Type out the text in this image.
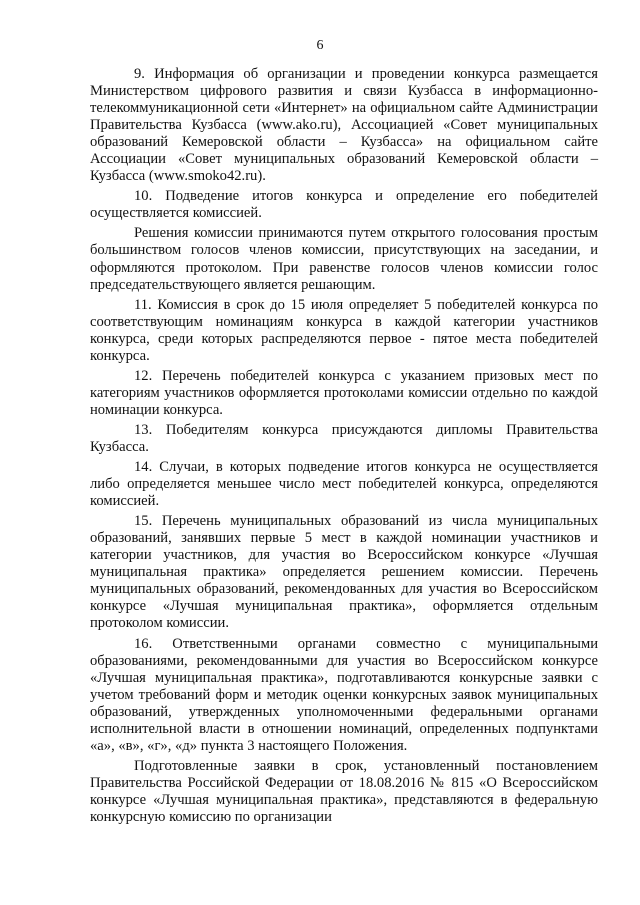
6

9. Информация об организации и проведении конкурса размещается Министерством цифрового развития и связи Кузбасса в информационно-телекоммуникационной сети «Интернет» на официальном сайте Администрации Правительства Кузбасса (www.ako.ru), Ассоциацией «Совет муниципальных образований Кемеровской области – Кузбасса» на официальном сайте Ассоциации «Совет муниципальных образований Кемеровской области – Кузбасса (www.smoko42.ru).

10. Подведение итогов конкурса и определение его победителей осуществляется комиссией.

Решения комиссии принимаются путем открытого голосования простым большинством голосов членов комиссии, присутствующих на заседании, и оформляются протоколом. При равенстве голосов членов комиссии голос председательствующего является решающим.

11. Комиссия в срок до 15 июля определяет 5 победителей конкурса по соответствующим номинациям конкурса в каждой категории участников конкурса, среди которых распределяются первое - пятое места победителей конкурса.

12. Перечень победителей конкурса с указанием призовых мест по категориям участников оформляется протоколами комиссии отдельно по каждой номинации конкурса.

13. Победителям конкурса присуждаются дипломы Правительства Кузбасса.

14. Случаи, в которых подведение итогов конкурса не осуществляется либо определяется меньшее число мест победителей конкурса, определяются комиссией.

15. Перечень муниципальных образований из числа муниципальных образований, занявших первые 5 мест в каждой номинации участников и категории участников, для участия во Всероссийском конкурсе «Лучшая муниципальная практика» определяется решением комиссии. Перечень муниципальных образований, рекомендованных для участия во Всероссийском конкурсе «Лучшая муниципальная практика», оформляется отдельным протоколом комиссии.

16. Ответственными органами совместно с муниципальными образованиями, рекомендованными для участия во Всероссийском конкурсе «Лучшая муниципальная практика», подготавливаются конкурсные заявки с учетом требований форм и методик оценки конкурсных заявок муниципальных образований, утвержденных уполномоченными федеральными органами исполнительной власти в отношении номинаций, определенных подпунктами «а», «в», «г», «д» пункта 3 настоящего Положения.

Подготовленные заявки в срок, установленный постановлением Правительства Российской Федерации от 18.08.2016 № 815 «О Всероссийском конкурсе «Лучшая муниципальная практика», представляются в федеральную конкурсную комиссию по организации
